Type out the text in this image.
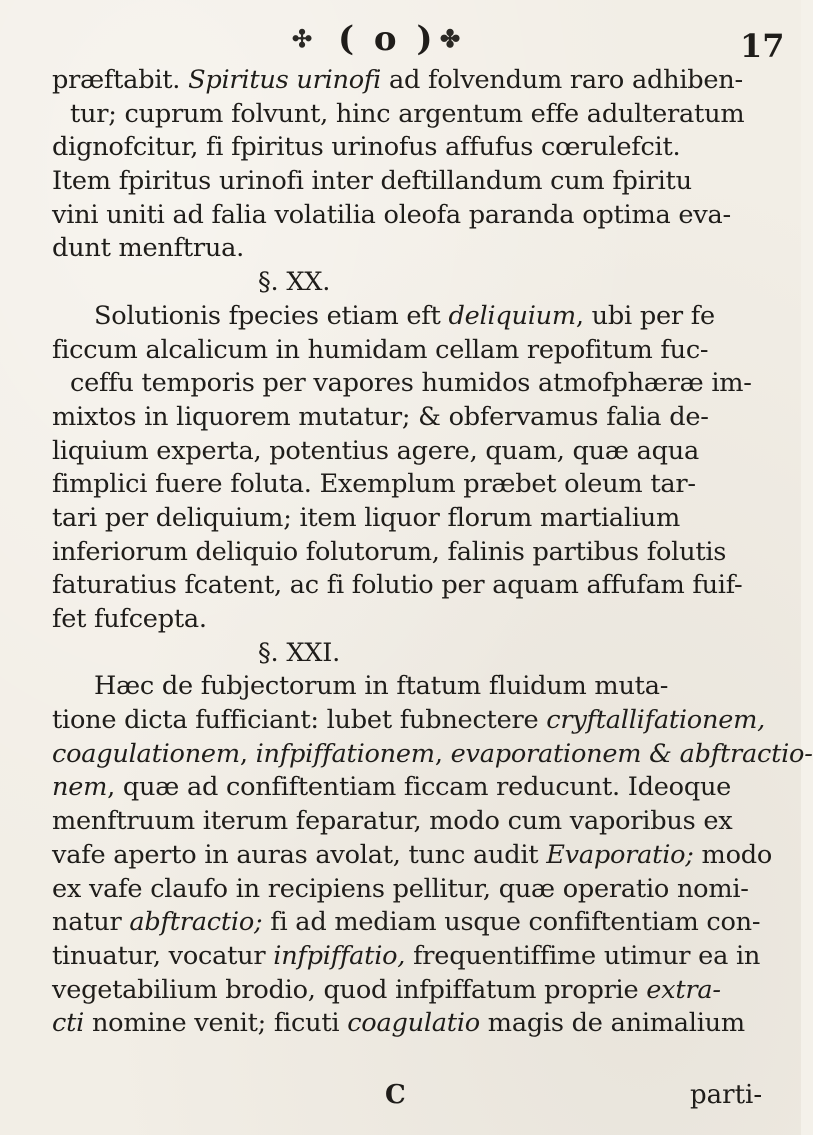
✣ ( o ) ✤	17
præftabit. Spiritus urinofi ad folvendum raro adhiben-
tur; cuprum folvunt, hinc argentum effe adulteratum
dignofcitur, fi fpiritus urinofus affufus cœrulefcit.
Item fpiritus urinofi inter deftillandum cum fpiritu
vini uniti ad falia volatilia oleofa paranda optima eva-
dunt menftrua.
§. XX.
Solutionis fpecies etiam eft deliquium, ubi per fe
ficcum alcalicum in humidam cellam repofitum fuc-
ceffu temporis per vapores humidos atmofphæræ im-
mixtos in liquorem mutatur; & obfervamus falia de-
liquium experta, potentius agere, quam, quæ aqua
fimplici fuere foluta. Exemplum præbet oleum tar-
tari per deliquium; item liquor florum martialium
inferiorum deliquio folutorum, falinis partibus folutis
faturatius fcatent, ac fi folutio per aquam affufam fuif-
fet fufcepta.
§. XXI.
Hæc de fubjectorum in ftatum fluidum muta-
tione dicta fufficiant: lubet fubnectere cryftallifationem,
coagulationem, infpiffationem, evaporationem & abftractio-
nem, quæ ad confiftentiam ficcam reducunt. Ideoque
menftruum iterum feparatur, modo cum vaporibus ex
vafe aperto in auras avolat, tunc audit Evaporatio; modo
ex vafe claufo in recipiens pellitur, quæ operatio nomi-
natur abftractio; fi ad mediam usque confiftentiam con-
tinuatur, vocatur infpiffatio, frequentiffime utimur ea in
vegetabilium brodio, quod infpiffatum proprie extra-
cti nomine venit; ficuti coagulatio magis de animalium
C	parti-
